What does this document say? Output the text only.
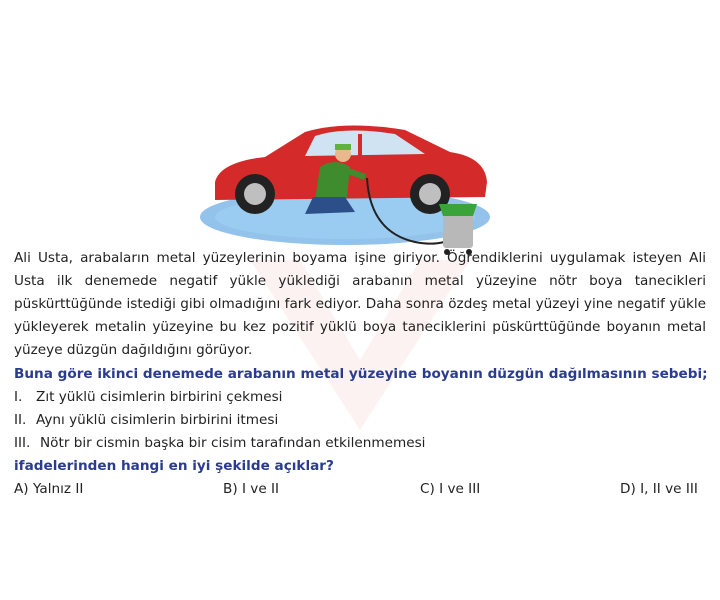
Ali Usta, arabaların metal yüzeylerinin boyama işine giriyor. Öğrendiklerini uygulamak isteyen Ali Usta ilk denemede negatif yükle yüklediği arabanın metal yüzeyine nötr boya tanecikleri püskürttüğünde istediği gibi olmadığını fark ediyor. Daha sonra özdeş metal yüzeyi yine negatif yükle yükleyerek metalin yüzeyine bu kez pozitif yüklü boya taneciklerini püskürttüğünde boyanın metal yüzeye düzgün dağıldığını görüyor.

Buna göre ikinci denemede arabanın metal yüzeyine boyanın düzgün dağılmasının sebebi;

I. Zıt yüklü cisimlerin birbirini çekmesi

II. Aynı yüklü cisimlerin birbirini itmesi

III. Nötr bir cismin başka bir cisim tarafından etkilenmemesi

ifadelerinden hangi en iyi şekilde açıklar?

A) Yalnız II	B) I ve II	C) I ve III	D) I, II ve III
